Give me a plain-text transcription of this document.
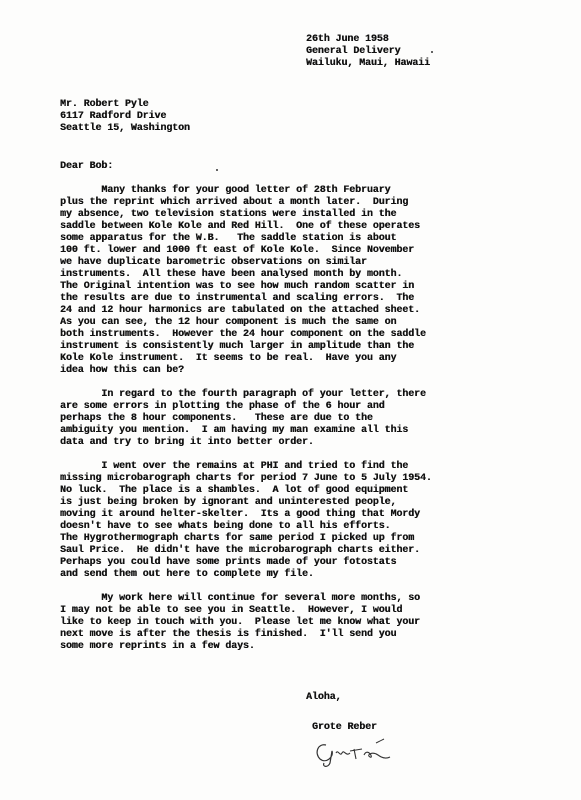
26th June 1958

General Delivery

Wailuku, Maui, Hawaii

Mr. Robert Pyle

6117 Radford Drive

Seattle 15, Washington

Dear Bob:

Many thanks for your good letter of 28th February

plus the reprint which arrived about a month later.  During

my absence, two television stations were installed in the

saddle between Kole Kole and Red Hill.  One of these operates

some apparatus for the W.B.   The saddle station is about

100 ft. lower and 1000 ft east of Kole Kole.  Since November

we have duplicate barometric observations on similar

instruments.  All these have been analysed month by month.

The Original intention was to see how much random scatter in

the results are due to instrumental and scaling errors.  The

24 and 12 hour harmonics are tabulated on the attached sheet.

As you can see, the 12 hour component is much the same on

both instruments.  However the 24 hour component on the saddle

instrument is consistently much larger in amplitude than the

Kole Kole instrument.  It seems to be real.  Have you any

idea how this can be?

In regard to the fourth paragraph of your letter, there

are some errors in plotting the phase of the 6 hour and

perhaps the 8 hour components.   These are due to the

ambiguity you mention.  I am having my man examine all this

data and try to bring it into better order.

I went over the remains at PHI and tried to find the

missing microbarograph charts for period 7 June to 5 July 1954.

No luck.  The place is a shambles.  A lot of good equipment

is just being broken by ignorant and uninterested people,

moving it around helter-skelter.  Its a good thing that Mordy

doesn't have to see whats being done to all his efforts.

The Hygrothermograph charts for same period I picked up from

Saul Price.  He didn't have the microbarograph charts either.

Perhaps you could have some prints made of your fotostats

and send them out here to complete my file.

My work here will continue for several more months, so

I may not be able to see you in Seattle.  However, I would

like to keep in touch with you.  Please let me know what your

next move is after the thesis is finished.  I'll send you

some more reprints in a few days.

Aloha,

Grote Reber
